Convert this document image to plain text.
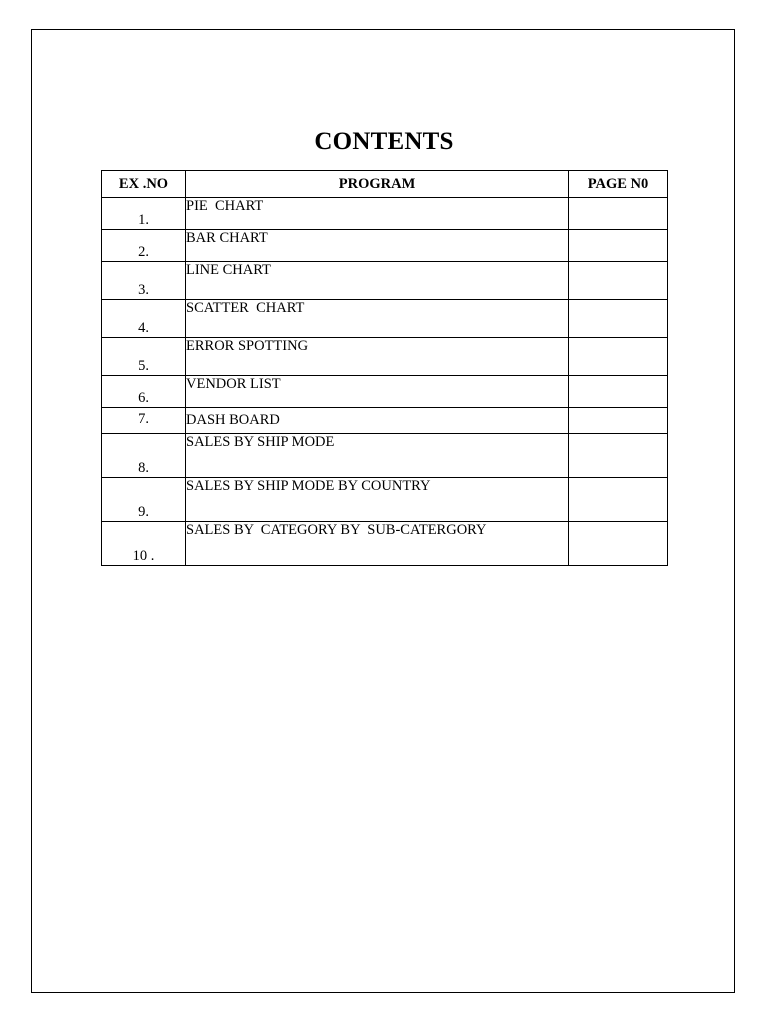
CONTENTS
EX .NO	PROGRAM	PAGE N0
1.	PIE  CHART	
2.	BAR CHART	
3.	LINE CHART	
4.	SCATTER  CHART	
5.	ERROR SPOTTING	
6.	VENDOR LIST	
7.	DASH BOARD	
8.	SALES BY SHIP MODE	
9.	SALES BY SHIP MODE BY COUNTRY	
10 .	SALES BY  CATEGORY BY  SUB-CATERGORY	
